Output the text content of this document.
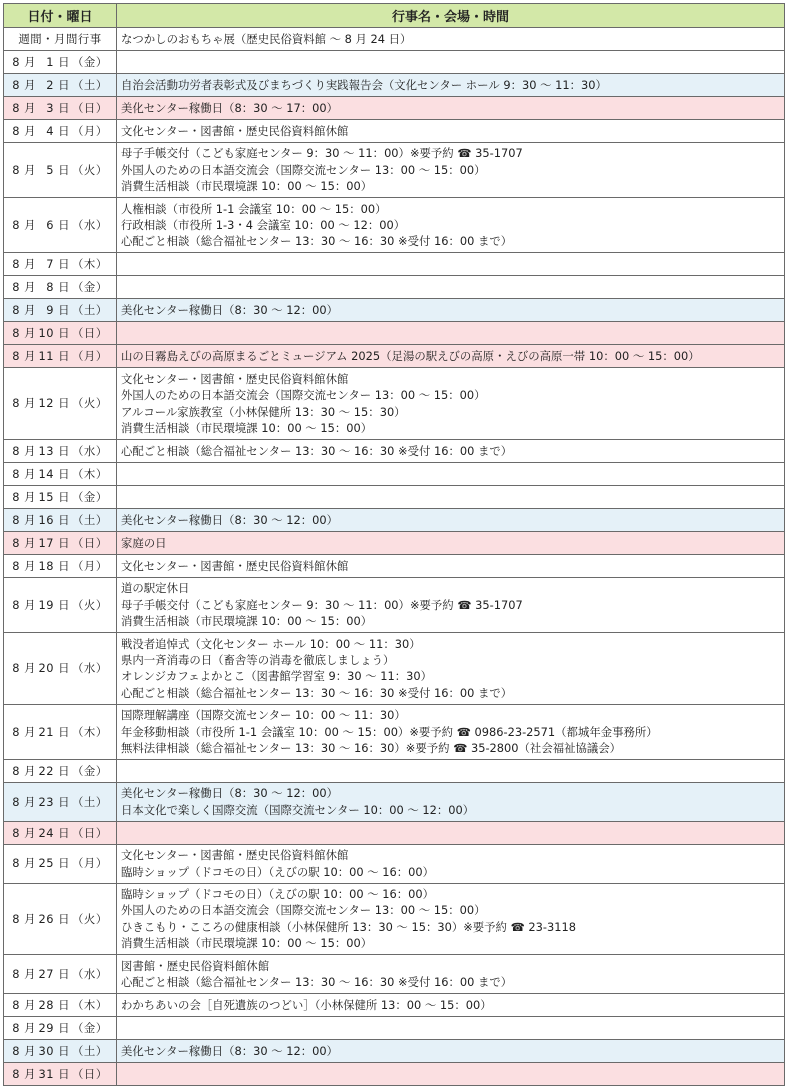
日付・曜日	行事名・会場・時間
週間・月間行事	なつかしのおもちゃ展（歴史民俗資料館 ～ 8 月 24 日）

8 月 1 日 （金）	
8 月 2 日 （土）	自治会活動功労者表彰式及びまちづくり実践報告会（文化センター ホール 9：30 ～ 11：30）

8 月 3 日 （日）	美化センター稼働日（8：30 ～ 17：00）

8 月 4 日 （月）	文化センター・図書館・歴史民俗資料館休館

8 月 5 日 （火）	母子手帳交付（こども家庭センター 9：30 ～ 11：00）※要予約 ☎ 35-1707
外国人のための日本語交流会（国際交流センター 13：00 ～ 15：00）
消費生活相談（市民環境課 10：00 ～ 15：00）

8 月 6 日 （水）	人権相談（市役所 1-1 会議室 10：00 ～ 15：00）
行政相談（市役所 1-3・4 会議室 10：00 ～ 12：00）
心配ごと相談（総合福祉センター 13：30 ～ 16：30 ※受付 16：00 まで）

8 月 7 日 （木）	
8 月 8 日 （金）	
8 月 9 日 （土）	美化センター稼働日（8：30 ～ 12：00）

8 月 10 日 （日）	
8 月 11 日 （月）	山の日霧島えびの高原まるごとミュージアム 2025（足湯の駅えびの高原・えびの高原一帯 10：00 ～ 15：00）

8 月 12 日 （火）	文化センター・図書館・歴史民俗資料館休館
外国人のための日本語交流会（国際交流センター 13：00 ～ 15：00）
アルコール家族教室（小林保健所 13：30 ～ 15：30）
消費生活相談（市民環境課 10：00 ～ 15：00）

8 月 13 日 （水）	心配ごと相談（総合福祉センター 13：30 ～ 16：30 ※受付 16：00 まで）

8 月 14 日 （木）	
8 月 15 日 （金）	
8 月 16 日 （土）	美化センター稼働日（8：30 ～ 12：00）

8 月 17 日 （日）	家庭の日

8 月 18 日 （月）	文化センター・図書館・歴史民俗資料館休館

8 月 19 日 （火）	道の駅定休日
母子手帳交付（こども家庭センター 9：30 ～ 11：00）※要予約 ☎ 35-1707
消費生活相談（市民環境課 10：00 ～ 15：00）

8 月 20 日 （水）	戦没者追悼式（文化センター ホール 10：00 ～ 11：30）
県内一斉消毒の日（畜舎等の消毒を徹底しましょう）
オレンジカフェよかとこ（図書館学習室 9：30 ～ 11：30）
心配ごと相談（総合福祉センター 13：30 ～ 16：30 ※受付 16：00 まで）

8 月 21 日 （木）	国際理解講座（国際交流センター 10：00 ～ 11：30）
年金移動相談（市役所 1-1 会議室 10：00 ～ 15：00）※要予約 ☎ 0986-23-2571（都城年金事務所）
無料法律相談（総合福祉センター 13：30 ～ 16：30）※要予約 ☎ 35-2800（社会福祉協議会）

8 月 22 日 （金）	
8 月 23 日 （土）	美化センター稼働日（8：30 ～ 12：00）
日本文化で楽しく国際交流（国際交流センター 10：00 ～ 12：00）

8 月 24 日 （日）	
8 月 25 日 （月）	文化センター・図書館・歴史民俗資料館休館
臨時ショップ（ドコモの日）（えびの駅 10：00 ～ 16：00）

8 月 26 日 （火）	臨時ショップ（ドコモの日）（えびの駅 10：00 ～ 16：00）
外国人のための日本語交流会（国際交流センター 13：00 ～ 15：00）
ひきこもり・こころの健康相談（小林保健所 13：30 ～ 15：30）※要予約 ☎ 23-3118
消費生活相談（市民環境課 10：00 ～ 15：00）

8 月 27 日 （水）	図書館・歴史民俗資料館休館
心配ごと相談（総合福祉センター 13：30 ～ 16：30 ※受付 16：00 まで）

8 月 28 日 （木）	わかちあいの会［自死遺族のつどい］（小林保健所 13：00 ～ 15：00）

8 月 29 日 （金）	
8 月 30 日 （土）	美化センター稼働日（8：30 ～ 12：00）

8 月 31 日 （日）	
